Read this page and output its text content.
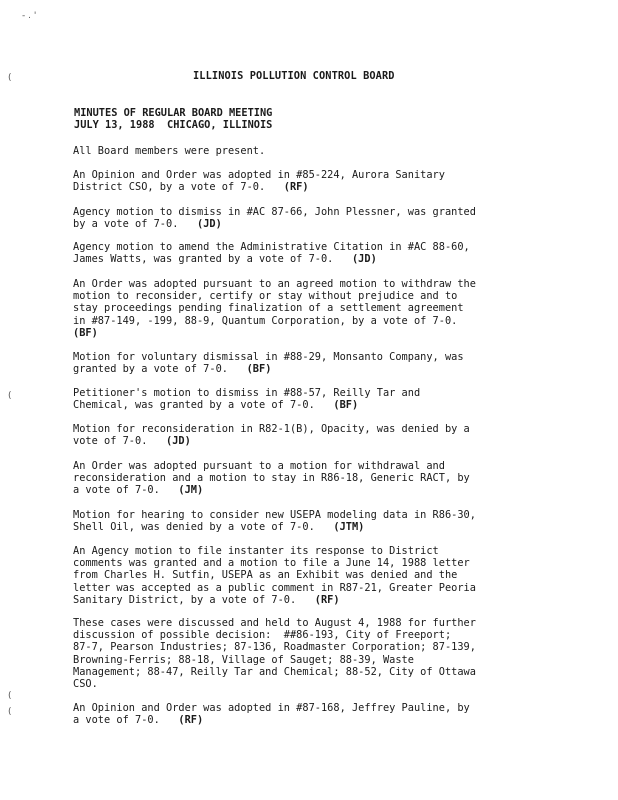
- . '
(
(
(
(
ILLINOIS POLLUTION CONTROL BOARD
MINUTES OF REGULAR BOARD MEETING
JULY 13, 1988  CHICAGO, ILLINOIS
All Board members were present.
An Opinion and Order was adopted in #85-224, Aurora Sanitary
District CSO, by a vote of 7-0.   (RF)
Agency motion to dismiss in #AC 87-66, John Plessner, was granted
by a vote of 7-0.   (JD)
Agency motion to amend the Administrative Citation in #AC 88-60,
James Watts, was granted by a vote of 7-0.   (JD)
An Order was adopted pursuant to an agreed motion to withdraw the
motion to reconsider, certify or stay without prejudice and to
stay proceedings pending finalization of a settlement agreement
in #87-149, -199, 88-9, Quantum Corporation, by a vote of 7-0.
(BF)
Motion for voluntary dismissal in #88-29, Monsanto Company, was
granted by a vote of 7-0.   (BF)
Petitioner's motion to dismiss in #88-57, Reilly Tar and
Chemical, was granted by a vote of 7-0.   (BF)
Motion for reconsideration in R82-1(B), Opacity, was denied by a
vote of 7-0.   (JD)
An Order was adopted pursuant to a motion for withdrawal and
reconsideration and a motion to stay in R86-18, Generic RACT, by
a vote of 7-0.   (JM)
Motion for hearing to consider new USEPA modeling data in R86-30,
Shell Oil, was denied by a vote of 7-0.   (JTM)
An Agency motion to file instanter its response to District
comments was granted and a motion to file a June 14, 1988 letter
from Charles H. Sutfin, USEPA as an Exhibit was denied and the
letter was accepted as a public comment in R87-21, Greater Peoria
Sanitary District, by a vote of 7-0.   (RF)
These cases were discussed and held to August 4, 1988 for further
discussion of possible decision:  ##86-193, City of Freeport;
87-7, Pearson Industries; 87-136, Roadmaster Corporation; 87-139,
Browning-Ferris; 88-18, Village of Sauget; 88-39, Waste
Management; 88-47, Reilly Tar and Chemical; 88-52, City of Ottawa
CSO.
An Opinion and Order was adopted in #87-168, Jeffrey Pauline, by
a vote of 7-0.   (RF)
